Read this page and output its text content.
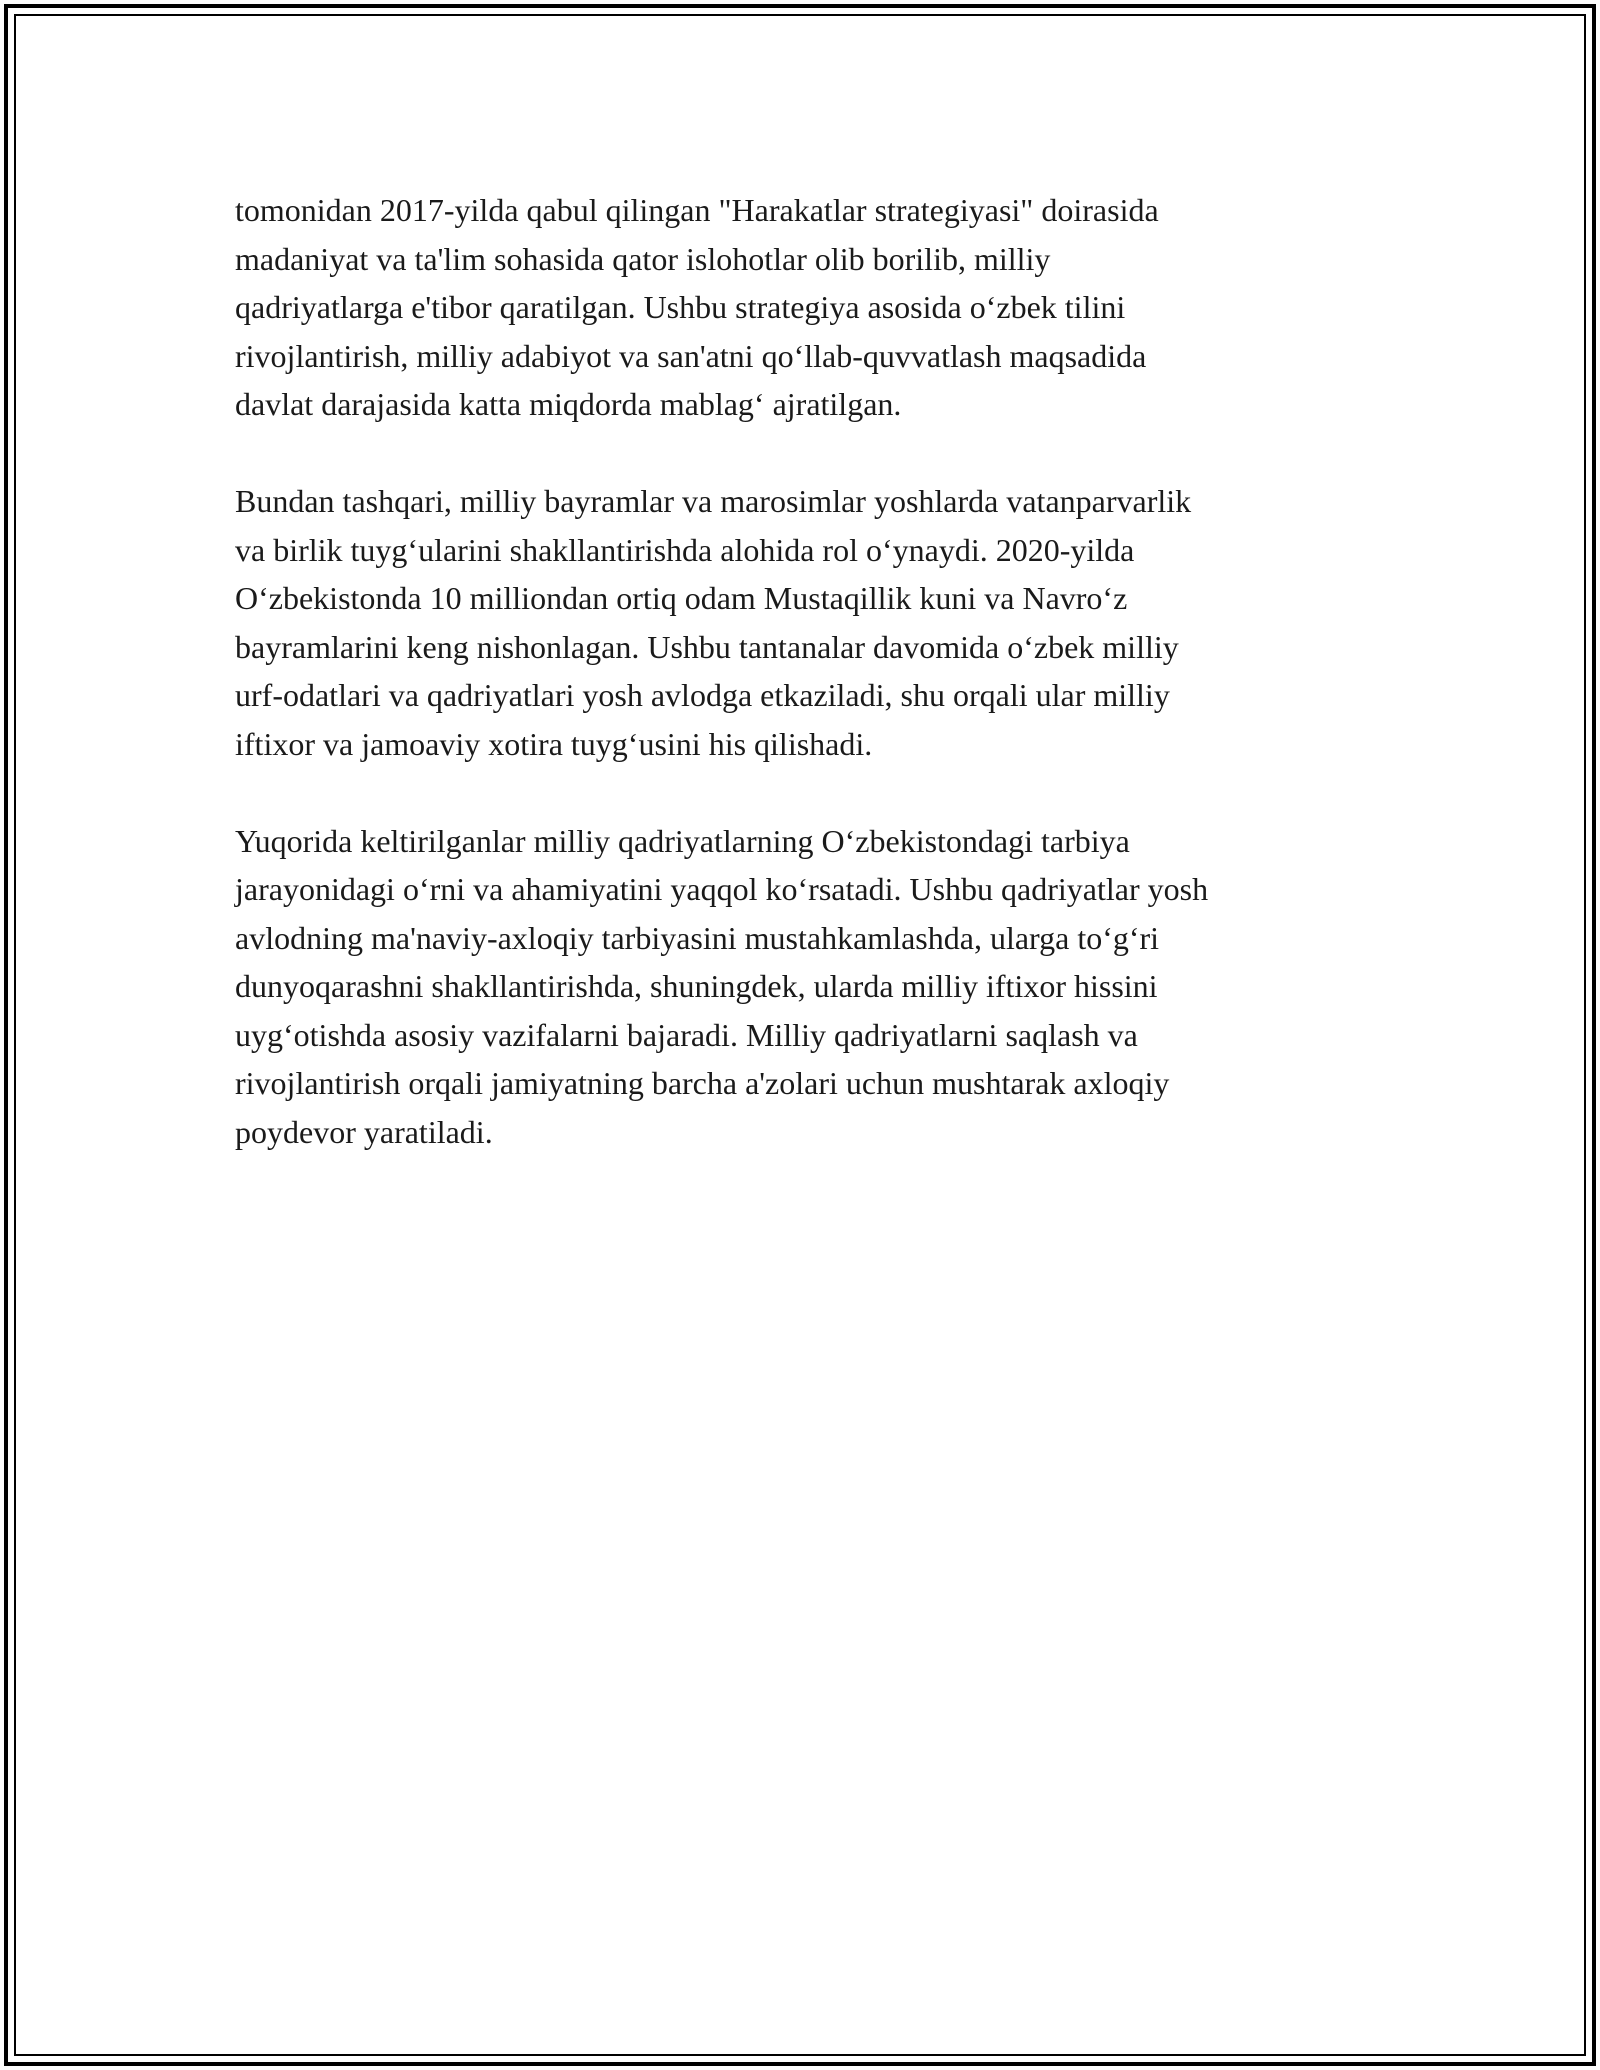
tomonidan 2017-yilda qabul qilingan "Harakatlar strategiyasi" doirasida
madaniyat va ta'lim sohasida qator islohotlar olib borilib, milliy
qadriyatlarga e'tibor qaratilgan. Ushbu strategiya asosida o‘zbek tilini
rivojlantirish, milliy adabiyot va san'atni qo‘llab-quvvatlash maqsadida
davlat darajasida katta miqdorda mablag‘ ajratilgan.

Bundan tashqari, milliy bayramlar va marosimlar yoshlarda vatanparvarlik
va birlik tuyg‘ularini shakllantirishda alohida rol o‘ynaydi. 2020-yilda
O‘zbekistonda 10 milliondan ortiq odam Mustaqillik kuni va Navro‘z
bayramlarini keng nishonlagan. Ushbu tantanalar davomida o‘zbek milliy
urf-odatlari va qadriyatlari yosh avlodga etkaziladi, shu orqali ular milliy
iftixor va jamoaviy xotira tuyg‘usini his qilishadi.

Yuqorida keltirilganlar milliy qadriyatlarning O‘zbekistondagi tarbiya
jarayonidagi o‘rni va ahamiyatini yaqqol ko‘rsatadi. Ushbu qadriyatlar yosh
avlodning ma'naviy-axloqiy tarbiyasini mustahkamlashda, ularga to‘g‘ri
dunyoqarashni shakllantirishda, shuningdek, ularda milliy iftixor hissini
uyg‘otishda asosiy vazifalarni bajaradi. Milliy qadriyatlarni saqlash va
rivojlantirish orqali jamiyatning barcha a'zolari uchun mushtarak axloqiy
poydevor yaratiladi.
